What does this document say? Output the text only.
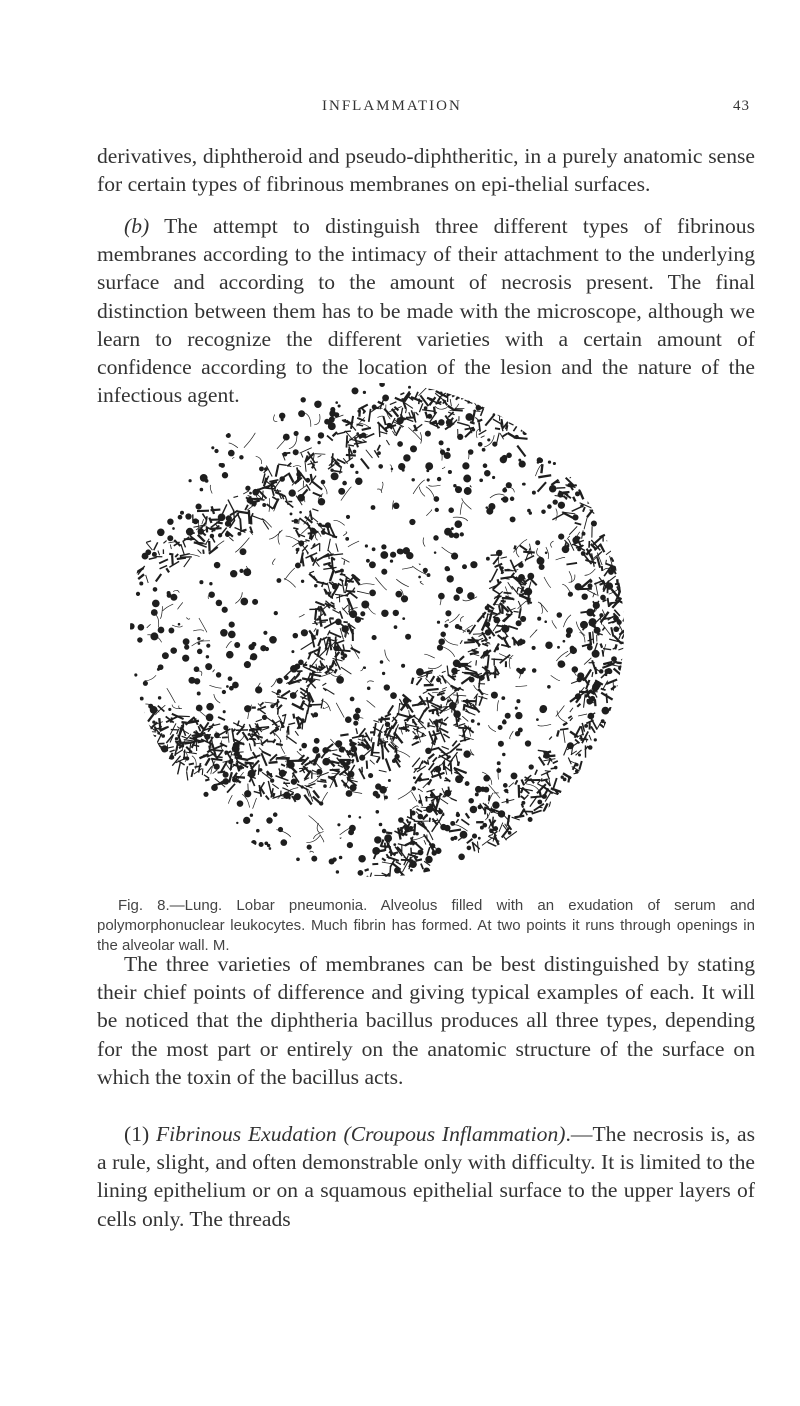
INFLAMMATION	43

derivatives, diphtheroid and pseudo-diphtheritic, in a purely anatomic sense for certain types of fibrinous membranes on epi-thelial surfaces.

(b) The attempt to distinguish three different types of fibrinous membranes according to the intimacy of their attachment to the underlying surface and according to the amount of necrosis present. The final distinction between them has to be made with the microscope, although we learn to recognize the different varieties with a certain amount of confidence according to the location of the lesion and the nature of the infectious agent.

Fig. 8.—Lung. Lobar pneumonia. Alveolus filled with an exudation of serum and polymorphonuclear leukocytes. Much fibrin has formed. At two points it runs through openings in the alveolar wall. M.

The three varieties of membranes can be best distinguished by stating their chief points of difference and giving typical examples of each. It will be noticed that the diphtheria bacillus produces all three types, depending for the most part or entirely on the anatomic structure of the surface on which the toxin of the bacillus acts.

(1) Fibrinous Exudation (Croupous Inflammation).—The necrosis is, as a rule, slight, and often demonstrable only with difficulty. It is limited to the lining epithelium or on a squamous epithelial surface to the upper layers of cells only. The threads
